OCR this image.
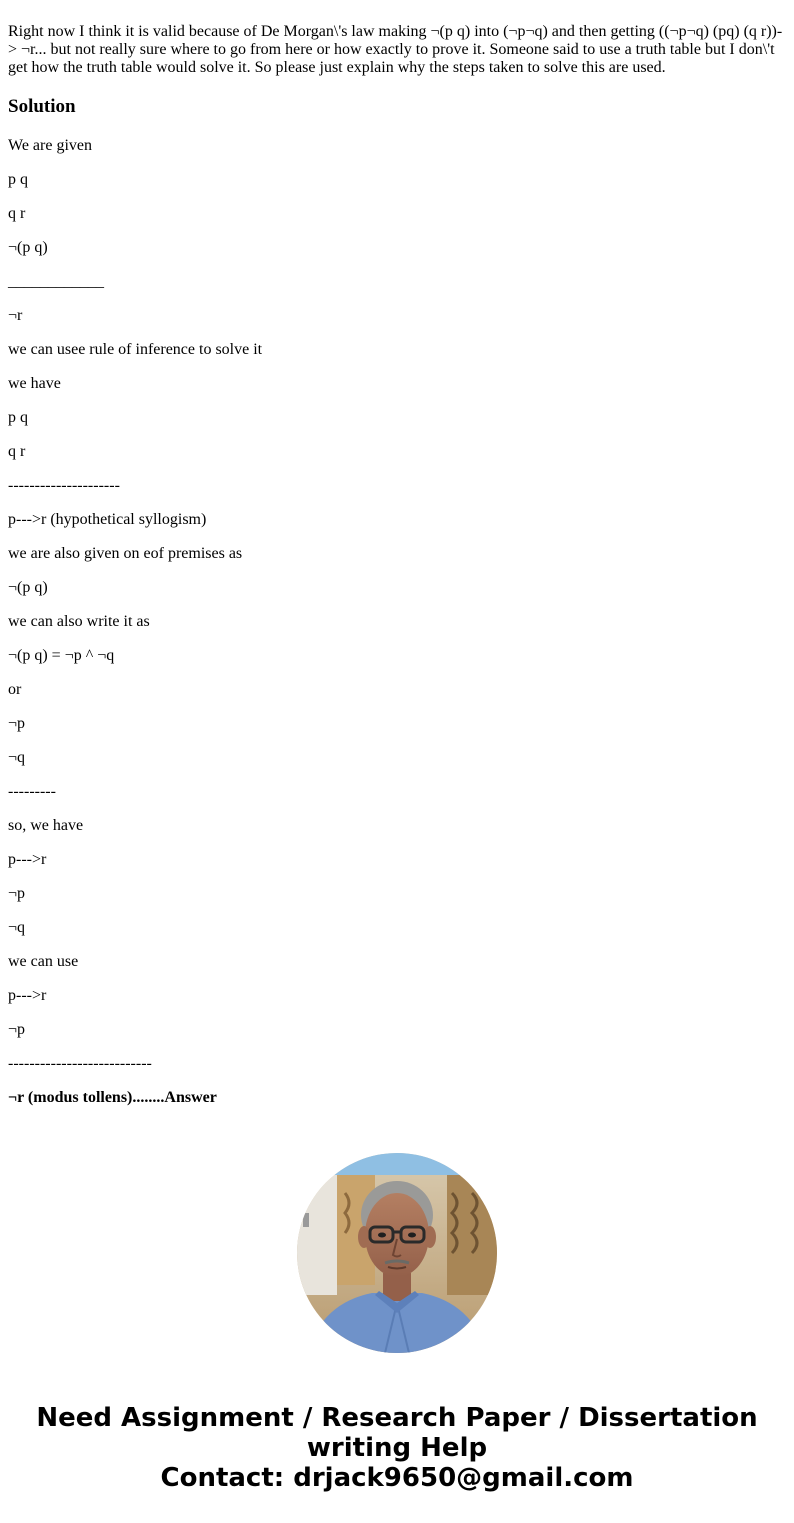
Right now I think it is valid because of De Morgan\'s law making ¬(p q) into (¬p¬q) and then getting ((¬p¬q) (pq) (q r))-> ¬r... but not really sure where to go from here or how exactly to prove it. Someone said to use a truth table but I don\'t get how the truth table would solve it. So please just explain why the steps taken to solve this are used.

Solution

We are given

p q

q r

¬(p q)

____________

¬r

we can usee rule of inference to solve it

we have

p q

q r

---------------------

p--->r (hypothetical syllogism)

we are also given on eof premises as

¬(p q)

we can also write it as

¬(p q) = ¬p ^ ¬q

or

¬p

¬q

---------

so, we have

p--->r

¬p

¬q

we can use

p--->r

¬p

---------------------------

¬r (modus tollens)........Answer

Need Assignment / Research Paper / Dissertation
writing Help
Contact: drjack9650@gmail.com
